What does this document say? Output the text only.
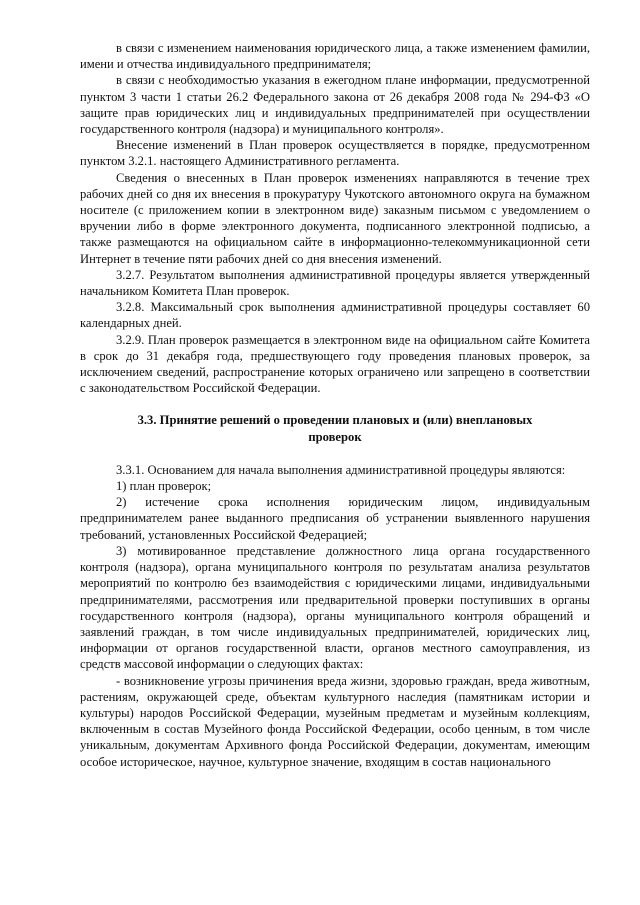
в связи с изменением наименования юридического лица, а также изменением фамилии, имени и отчества индивидуального предпринимателя;

в связи с необходимостью указания в ежегодном плане информации, предусмотренной пунктом 3 части 1 статьи 26.2 Федерального закона от 26 декабря 2008 года № 294-ФЗ «О защите прав юридических лиц и индивидуальных предпринимателей при осуществлении государственного контроля (надзора) и муниципального контроля».

Внесение изменений в План проверок осуществляется в порядке, предусмотренном пунктом 3.2.1. настоящего Административного регламента.

Сведения о внесенных в План проверок изменениях направляются в течение трех рабочих дней со дня их внесения в прокуратуру Чукотского автономного округа на бумажном носителе (с приложением копии в электронном виде) заказным письмом с уведомлением о вручении либо в форме электронного документа, подписанного электронной подписью, а также размещаются на официальном сайте в информационно-телекоммуникационной сети Интернет в течение пяти рабочих дней со дня внесения изменений.

3.2.7. Результатом выполнения административной процедуры является утвержденный начальником Комитета План проверок.

3.2.8. Максимальный срок выполнения административной процедуры составляет 60 календарных дней.

3.2.9. План проверок размещается в электронном виде на официальном сайте Комитета в срок до 31 декабря года, предшествующего году проведения плановых проверок, за исключением сведений, распространение которых ограничено или запрещено в соответствии с законодательством Российской Федерации.

3.3. Принятие решений о проведении плановых и (или) внеплановых проверок

3.3.1. Основанием для начала выполнения административной процедуры являются:

1) план проверок;

2) истечение срока исполнения юридическим лицом, индивидуальным предпринимателем ранее выданного предписания об устранении выявленного нарушения требований, установленных Российской Федерацией;

3) мотивированное представление должностного лица органа государственного контроля (надзора), органа муниципального контроля по результатам анализа результатов мероприятий по контролю без взаимодействия с юридическими лицами, индивидуальными предпринимателями, рассмотрения или предварительной проверки поступивших в органы государственного контроля (надзора), органы муниципального контроля обращений и заявлений граждан, в том числе индивидуальных предпринимателей, юридических лиц, информации от органов государственной власти, органов местного самоуправления, из средств массовой информации о следующих фактах:

- возникновение угрозы причинения вреда жизни, здоровью граждан, вреда животным, растениям, окружающей среде, объектам культурного наследия (памятникам истории и культуры) народов Российской Федерации, музейным предметам и музейным коллекциям, включенным в состав Музейного фонда Российской Федерации, особо ценным, в том числе уникальным, документам Архивного фонда Российской Федерации, документам, имеющим особое историческое, научное, культурное значение, входящим в состав национального
